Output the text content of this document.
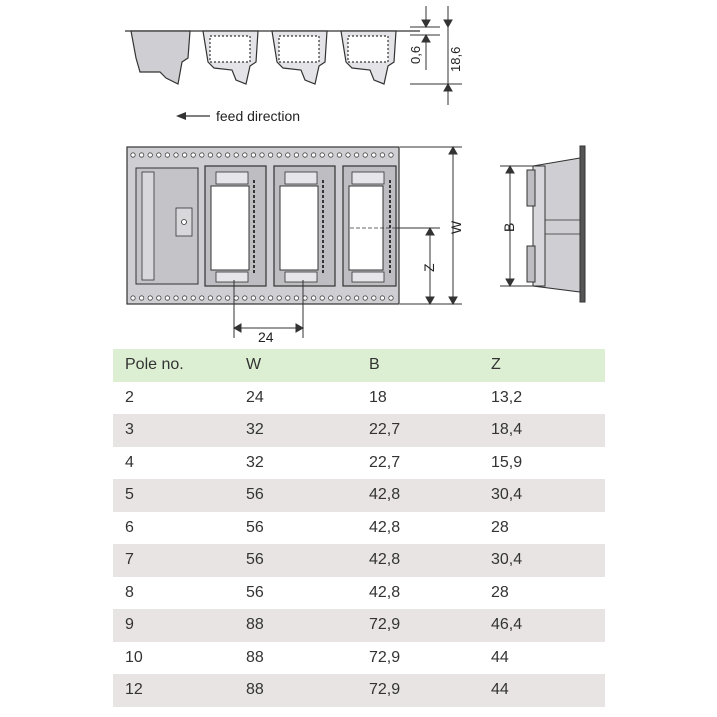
0,6 18,6
feed direction
W
Z
24
B
Pole no.	W	B	Z
2	24	18	13,2
3	32	22,7	18,4
4	32	22,7	15,9
5	56	42,8	30,4
6	56	42,8	28
7	56	42,8	30,4
8	56	42,8	28
9	88	72,9	46,4
10	88	72,9	44
12	88	72,9	44
